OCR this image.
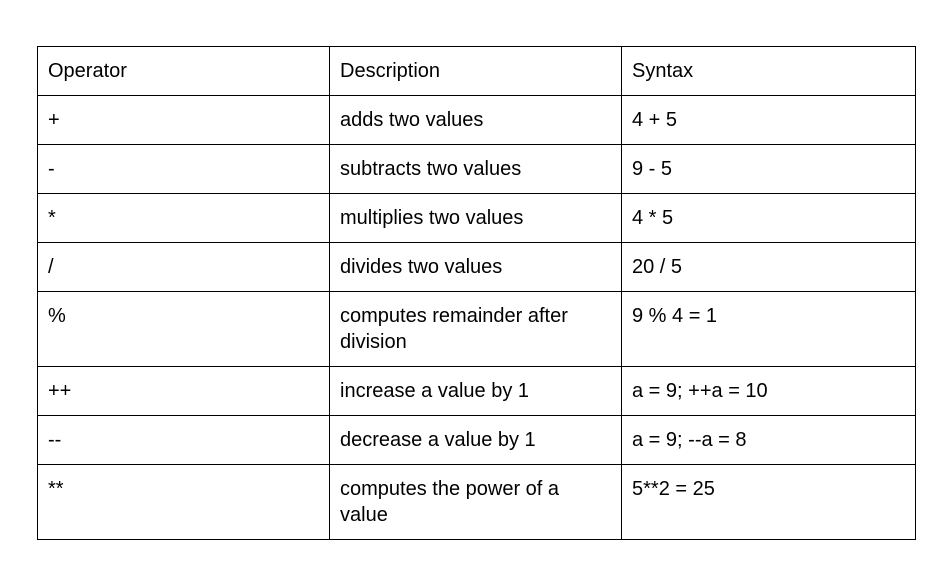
Operator	Description	Syntax
+	adds two values	4 + 5
-	subtracts two values	9 - 5
*	multiplies two values	4 * 5
/	divides two values	20 / 5
%	computes remainder after division	9 % 4 = 1
++	increase a value by 1	a = 9; ++a = 10
--	decrease a value by 1	a = 9; --a = 8
**	computes the power of a value	5**2 = 25
